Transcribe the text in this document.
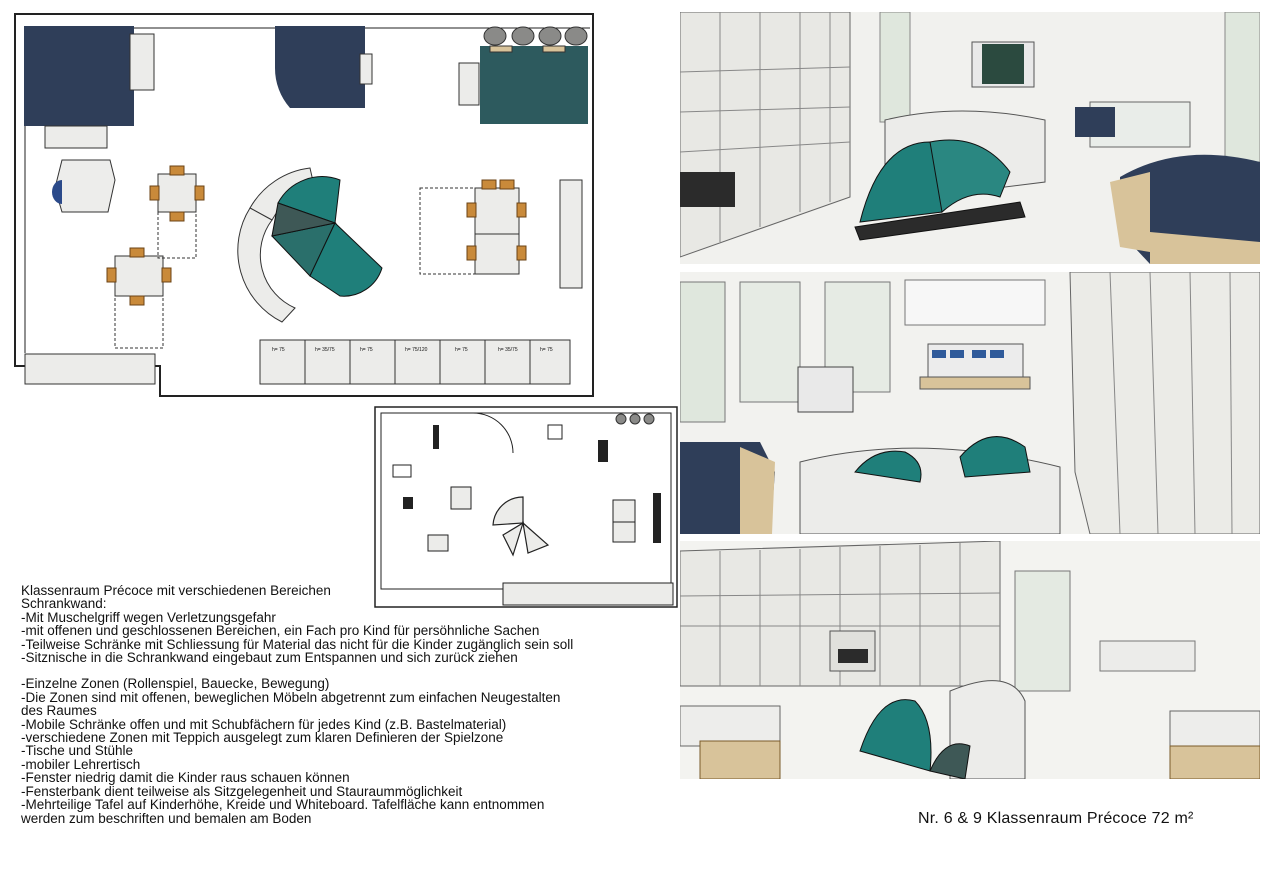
h= 75	h= 35/75	h= 75	h= 75/120	h= 75	h= 35/75	h= 75
Klassenraum Précoce mit verschiedenen Bereichen
Schrankwand:
-Mit Muschelgriff wegen Verletzungsgefahr
-mit offenen und geschlossenen Bereichen, ein Fach pro Kind für persöhnliche Sachen
-Teilweise Schränke mit Schliessung für Material das nicht für die Kinder zugänglich sein soll
-Sitznische in die Schrankwand eingebaut zum Entspannen und sich zurück ziehen
-Einzelne Zonen (Rollenspiel, Bauecke, Bewegung)
-Die Zonen sind mit offenen, beweglichen Möbeln abgetrennt zum einfachen Neugestalten
des Raumes
-Mobile Schränke offen und mit Schubfächern für jedes Kind (z.B. Bastelmaterial)
-verschiedene Zonen mit Teppich ausgelegt zum klaren Definieren der Spielzone
-Tische und Stühle
-mobiler Lehrertisch
-Fenster niedrig damit die Kinder raus schauen können
-Fensterbank dient teilweise als Sitzgelegenheit und Stauraummöglichkeit
-Mehrteilige Tafel auf Kinderhöhe, Kreide und Whiteboard. Tafelfläche kann entnommen
werden zum beschriften und bemalen am Boden	Nr. 6 & 9 Klassenraum Précoce 72 m²
